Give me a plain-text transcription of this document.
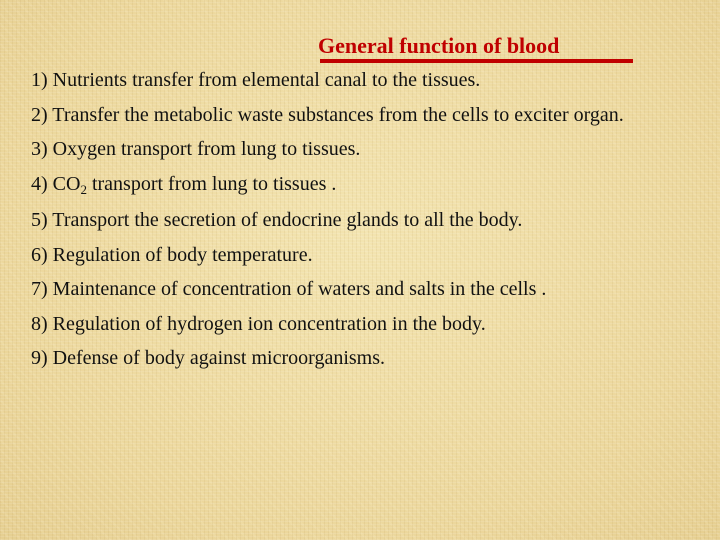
General function of blood
1) Nutrients transfer from elemental canal to the tissues.
2) Transfer the metabolic waste substances from the cells to exciter organ.
3) Oxygen transport from lung to tissues.
4) $CO_2$ transport from lung to tissues .
5) Transport the secretion of endocrine glands to all the body.
6) Regulation of body temperature.
7) Maintenance of concentration of waters and salts in the cells .
8) Regulation of hydrogen ion concentration in the body.
9) Defense of body against microorganisms.
